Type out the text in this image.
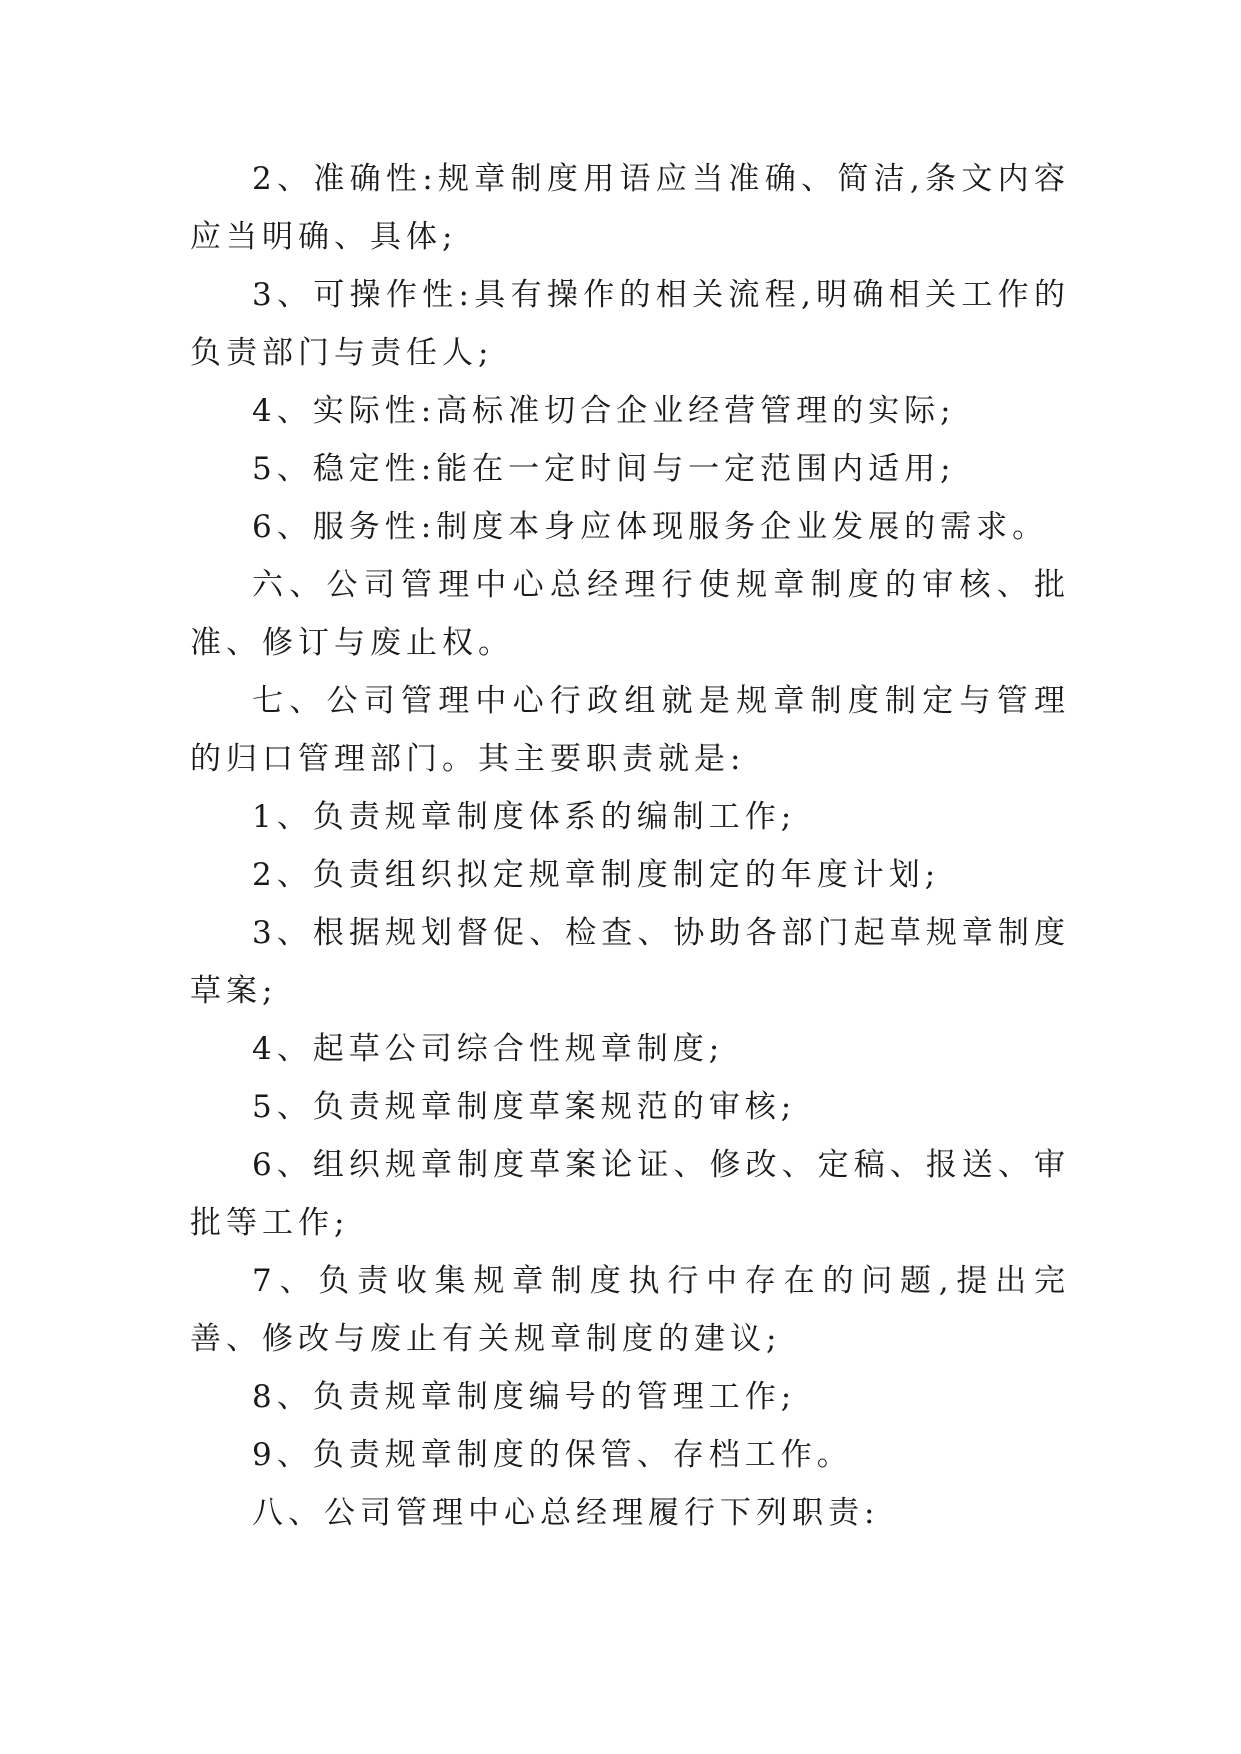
2、准确性:规章制度用语应当准确、简洁,条文内容应当明确、具体;

3、可操作性:具有操作的相关流程,明确相关工作的负责部门与责任人;

4、实际性:高标准切合企业经营管理的实际;

5、稳定性:能在一定时间与一定范围内适用;

6、服务性:制度本身应体现服务企业发展的需求。

六、公司管理中心总经理行使规章制度的审核、批准、修订与废止权。

七、公司管理中心行政组就是规章制度制定与管理的归口管理部门。其主要职责就是:

1、负责规章制度体系的编制工作;

2、负责组织拟定规章制度制定的年度计划;

3、根据规划督促、检查、协助各部门起草规章制度草案;

4、起草公司综合性规章制度;

5、负责规章制度草案规范的审核;

6、组织规章制度草案论证、修改、定稿、报送、审批等工作;

7、负责收集规章制度执行中存在的问题,提出完善、修改与废止有关规章制度的建议;

8、负责规章制度编号的管理工作;

9、负责规章制度的保管、存档工作。

八、公司管理中心总经理履行下列职责:
